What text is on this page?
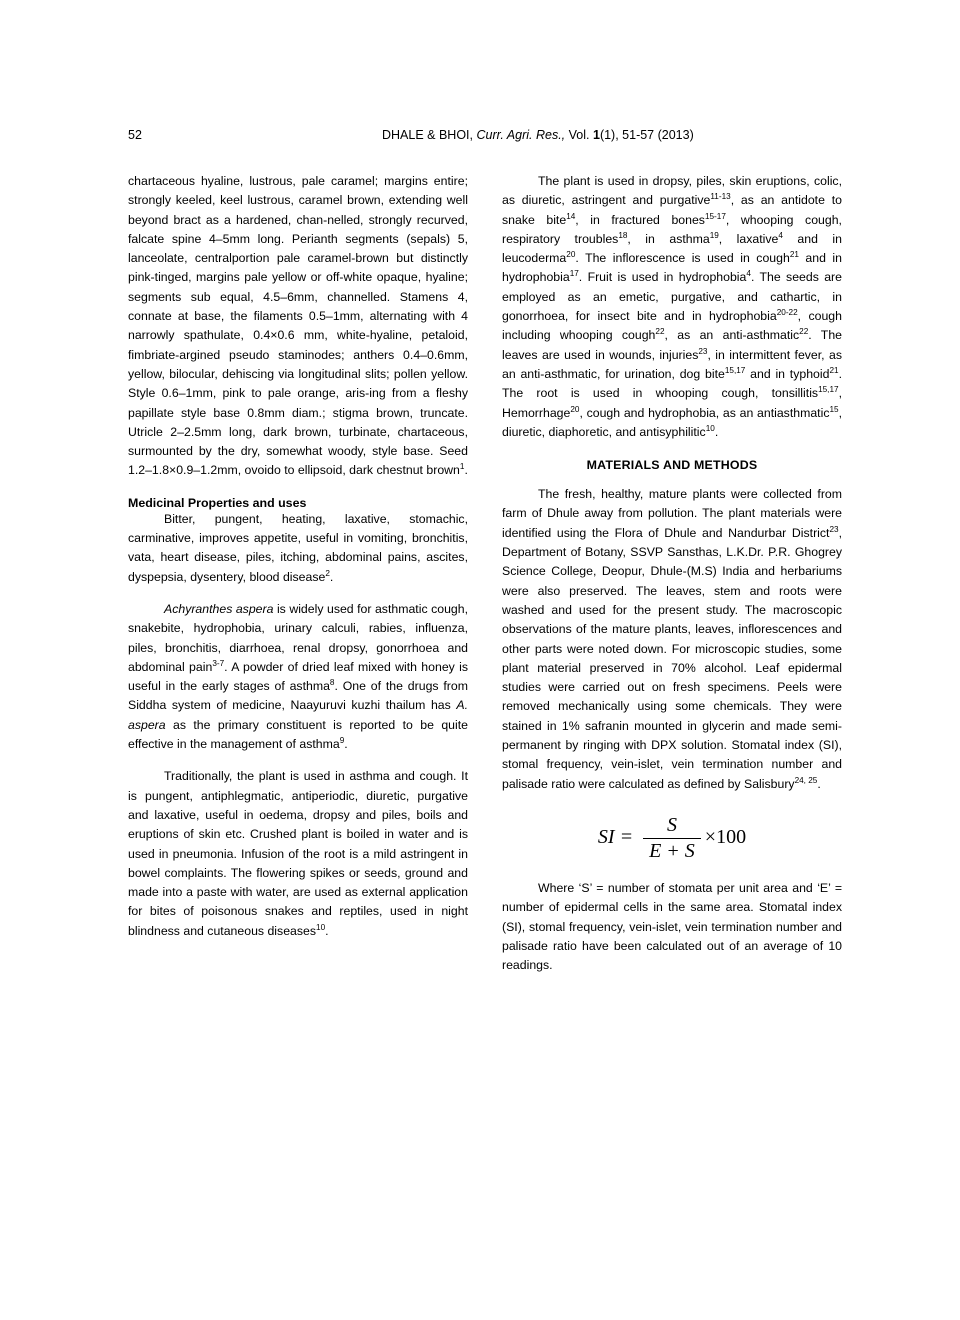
52	DHALE & BHOI, Curr. Agri. Res., Vol. 1(1), 51-57 (2013)

chartaceous hyaline, lustrous, pale caramel; margins entire; strongly keeled, keel lustrous, caramel brown, extending well beyond bract as a hardened, chan-nelled, strongly recurved, falcate spine 4–5mm long. Perianth segments (sepals) 5, lanceolate, centralportion pale caramel-brown but distinctly pink-tinged, margins pale yellow or off-white opaque, hyaline; segments sub equal, 4.5–6mm, channelled. Stamens 4, connate at base, the filaments 0.5–1mm, alternating with 4 narrowly spathulate, 0.4×0.6 mm, white-hyaline, petaloid, fimbriate-argined pseudo staminodes; anthers 0.4–0.6mm, yellow, bilocular, dehiscing via longitudinal slits; pollen yellow. Style 0.6–1mm, pink to pale orange, aris-ing from a fleshy papillate style base 0.8mm diam.; stigma brown, truncate. Utricle 2–2.5mm long, dark brown, turbinate, chartaceous, surmounted by the dry, somewhat woody, style base. Seed 1.2–1.8×0.9–1.2mm, ovoido to ellipsoid, dark chestnut brown$^1$.

Medicinal Properties and uses

Bitter, pungent, heating, laxative, stomachic, carminative, improves appetite, useful in vomiting, bronchitis, vata, heart disease, piles, itching, abdominal pains, ascites, dyspepsia, dysentery, blood disease$^2$.

Achyranthes aspera is widely used for asthmatic cough, snakebite, hydrophobia, urinary calculi, rabies, influenza, piles, bronchitis, diarrhoea, renal dropsy, gonorrhoea and abdominal pain$^{3-7}$. A powder of dried leaf mixed with honey is useful in the early stages of asthma$^8$. One of the drugs from Siddha system of medicine, Naayuruvi kuzhi thailum has A. aspera as the primary constituent is reported to be quite effective in the management of asthma$^9$.

Traditionally, the plant is used in asthma and cough. It is pungent, antiphlegmatic, antiperiodic, diuretic, purgative and laxative, useful in oedema, dropsy and piles, boils and eruptions of skin etc. Crushed plant is boiled in water and is used in pneumonia. Infusion of the root is a mild astringent in bowel complaints. The flowering spikes or seeds, ground and made into a paste with water, are used as external application for bites of poisonous snakes and reptiles, used in night blindness and cutaneous diseases$^{10}$.

The plant is used in dropsy, piles, skin eruptions, colic, as diuretic, astringent and purgative$^{11-13}$, as an antidote to snake bite$^{14}$, in fractured bones$^{15-17}$, whooping cough, respiratory troubles$^{18}$, in asthma$^{19}$, laxative$^4$ and in leucoderma$^{20}$. The inflorescence is used in cough$^{21}$ and in hydrophobia$^{17}$. Fruit is used in hydrophobia$^4$. The seeds are employed as an emetic, purgative, and cathartic, in gonorrhoea, for insect bite and in hydrophobia$^{20-22}$, cough including whooping cough$^{22}$, as an anti-asthmatic$^{22}$. The leaves are used in wounds, injuries$^{23}$, in intermittent fever, as an anti-asthmatic, for urination, dog bite$^{15,17}$ and in typhoid$^{21}$. The root is used in whooping cough, tonsillitis$^{15,17}$, Hemorrhage$^{20}$, cough and hydrophobia, as an antiasthmatic$^{15}$, diuretic, diaphoretic, and antisyphilitic$^{10}$.

MATERIALS AND METHODS

The fresh, healthy, mature plants were collected from farm of Dhule away from pollution. The plant materials were identified using the Flora of Dhule and Nandurbar District$^{23}$, Department of Botany, SSVP Sansthas, L.K.Dr. P.R. Ghogrey Science College, Deopur, Dhule-(M.S) India and herbariums were also preserved. The leaves, stem and roots were washed and used for the present study. The macroscopic observations of the mature plants, leaves, inflorescences and other parts were noted down. For microscopic studies, some plant material preserved in 70% alcohol. Leaf epidermal studies were carried out on fresh specimens. Peels were removed mechanically using some chemicals. They were stained in 1% safranin mounted in glycerin and made semi-permanent by ringing with DPX solution. Stomatal index (SI), stomal frequency, vein-islet, vein termination number and palisade ratio were calculated as defined by Salisbury$^{24, 25}$.

SI = $\frac{S}{E + S} \times 100$

Where ‘S’ = number of stomata per unit area and ‘E’ = number of epidermal cells in the same area. Stomatal index (SI), stomal frequency, vein-islet, vein termination number and palisade ratio have been calculated out of an average of 10 readings.
